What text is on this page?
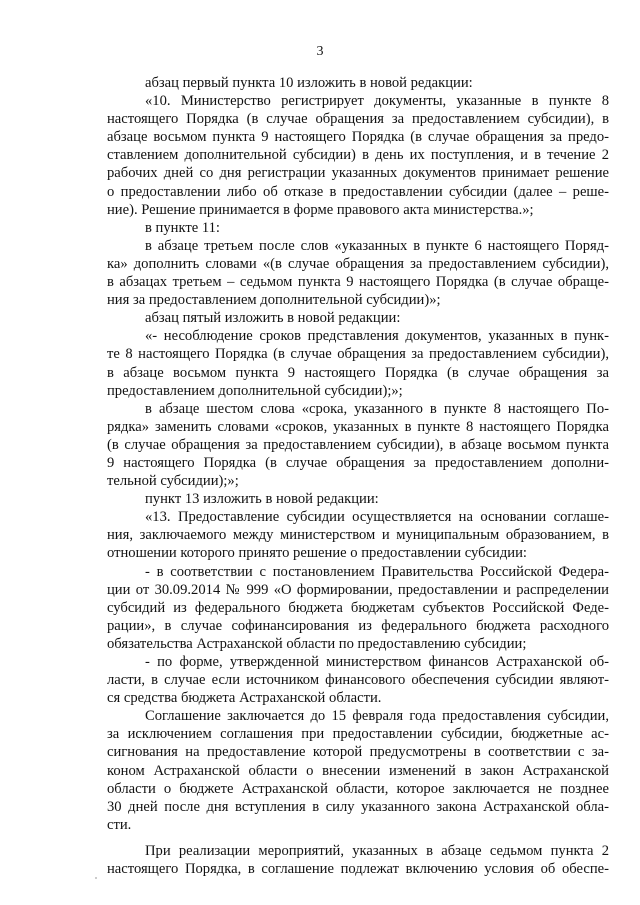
3
абзац первый пункта 10 изложить в новой редакции:
«10. Министерство регистрирует документы, указанные в пункте 8
настоящего Порядка (в случае обращения за предоставлением субсидии), в
абзаце восьмом пункта 9 настоящего Порядка (в случае обращения за предо-
ставлением дополнительной субсидии) в день их поступления, и в течение 2
рабочих дней со дня регистрации указанных документов принимает решение
о предоставлении либо об отказе в предоставлении субсидии (далее – реше-
ние). Решение принимается в форме правового акта министерства.»;
в пункте 11:
в абзаце третьем после слов «указанных в пункте 6 настоящего Поряд-
ка» дополнить словами «(в случае обращения за предоставлением субсидии),
в абзацах третьем – седьмом пункта 9 настоящего Порядка (в случае обраще-
ния за предоставлением дополнительной субсидии)»;
абзац пятый изложить в новой редакции:
«- несоблюдение сроков представления документов, указанных в пунк-
те 8 настоящего Порядка (в случае обращения за предоставлением субсидии),
в абзаце восьмом пункта 9 настоящего Порядка (в случае обращения за
предоставлением дополнительной субсидии);»;
в абзаце шестом слова «срока, указанного в пункте 8 настоящего По-
рядка» заменить словами «сроков, указанных в пункте 8 настоящего Порядка
(в случае обращения за предоставлением субсидии), в абзаце восьмом пункта
9 настоящего Порядка (в случае обращения за предоставлением дополни-
тельной субсидии);»;
пункт 13 изложить в новой редакции:
«13. Предоставление субсидии осуществляется на основании соглаше-
ния, заключаемого между министерством и муниципальным образованием, в
отношении которого принято решение о предоставлении субсидии:
- в соответствии с постановлением Правительства Российской Федера-
ции от 30.09.2014 № 999 «О формировании, предоставлении и распределении
субсидий из федерального бюджета бюджетам субъектов Российской Феде-
рации», в случае софинансирования из федерального бюджета расходного
обязательства Астраханской области по предоставлению субсидии;
- по форме, утвержденной министерством финансов Астраханской об-
ласти, в случае если источником финансового обеспечения субсидии являют-
ся средства бюджета Астраханской области.
Соглашение заключается до 15 февраля года предоставления субсидии,
за исключением соглашения при предоставлении субсидии, бюджетные ас-
сигнования на предоставление которой предусмотрены в соответствии с за-
коном Астраханской области о внесении изменений в закон Астраханской
области о бюджете Астраханской области, которое заключается не позднее
30 дней после дня вступления в силу указанного закона Астраханской обла-
сти.
При реализации мероприятий, указанных в абзаце седьмом пункта 2
настоящего Порядка, в соглашение подлежат включению условия об обеспе-
